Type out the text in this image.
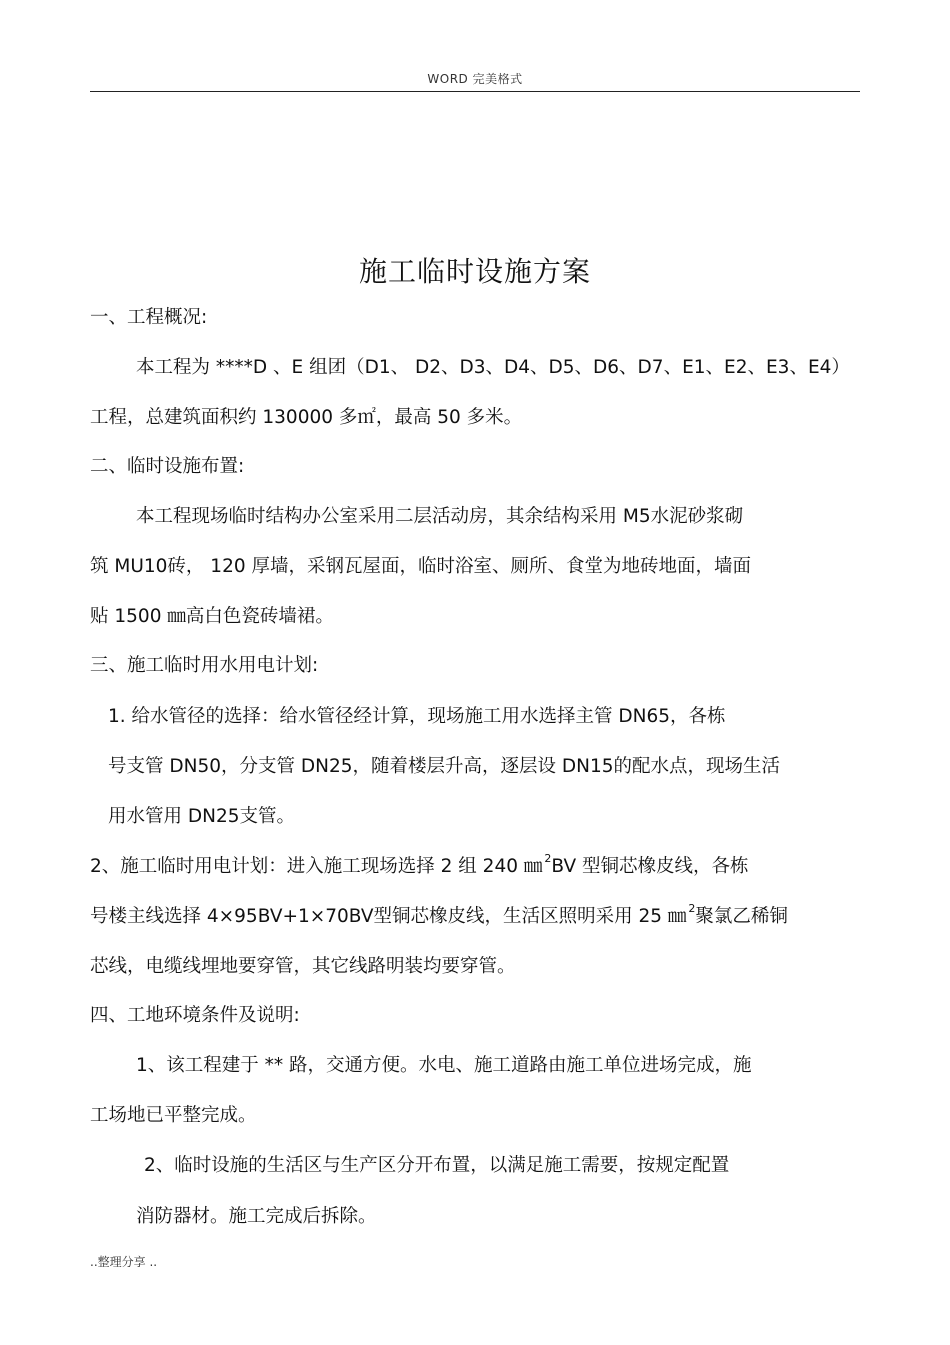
WORD 完美格式
施工临时设施方案
一、工程概况:
本工程为 ****D 、E 组团（D1、 D2、D3、D4、D5、D6、D7、E1、E2、E3、E4）
工程，总建筑面积约 130000 多㎡，最高 50 多米。
二、临时设施布置:
本工程现场临时结构办公室采用二层活动房，其余结构采用 M5水泥砂浆砌
筑 MU10砖， 120 厚墙，采钢瓦屋面，临时浴室、厕所、食堂为地砖地面，墙面
贴 1500 ㎜高白色瓷砖墙裙。
三、施工临时用水用电计划:
1. 给水管径的选择：给水管径经计算，现场施工用水选择主管 DN65，各栋
号支管 DN50，分支管 DN25，随着楼层升高，逐层设 DN15的配水点，现场生活
用水管用 DN25支管。
2、施工临时用电计划：进入施工现场选择 2 组 240 ㎜ $^2$BV 型铜芯橡皮线，各栋
号楼主线选择 4×95BV+1×70BV型铜芯橡皮线，生活区照明采用 25 ㎜ $^2$聚氯乙稀铜
芯线，电缆线埋地要穿管，其它线路明装均要穿管。
四、工地环境条件及说明:
1、该工程建于 ** 路，交通方便。水电、施工道路由施工单位进场完成，施
工场地已平整完成。
2、临时设施的生活区与生产区分开布置，以满足施工需要，按规定配置
消防器材。施工完成后拆除。
..整理分享 ..
